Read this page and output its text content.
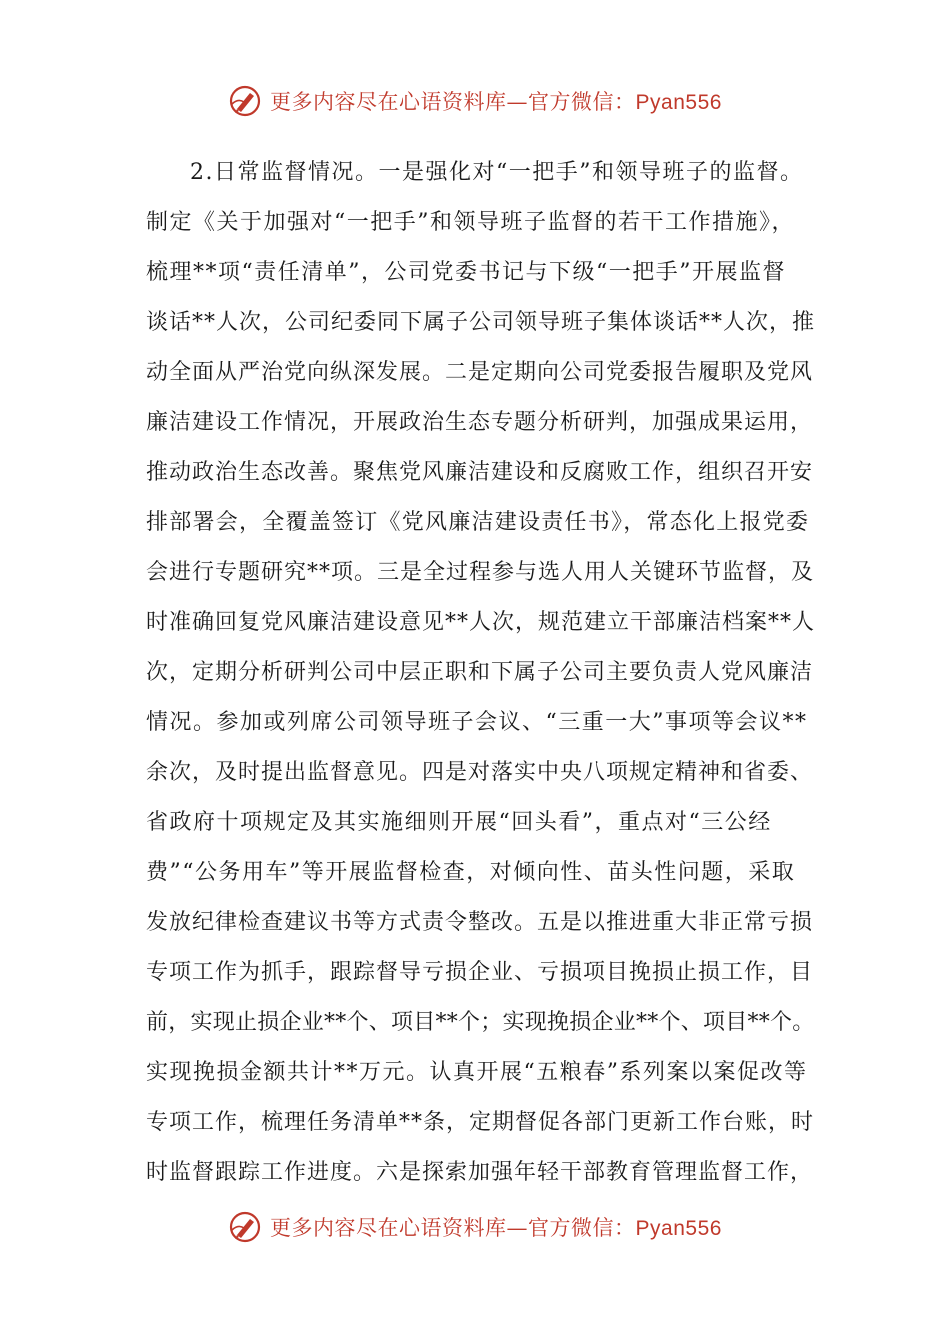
更多内容尽在心语资料库—官方微信：Pyan556
2.日常监督情况。一是强化对“一把手”和领导班子的监督。
制定《关于加强对“一把手”和领导班子监督的若干工作措施》，
梳理**项“责任清单”，公司党委书记与下级“一把手”开展监督
谈话**人次，公司纪委同下属子公司领导班子集体谈话**人次，推
动全面从严治党向纵深发展。二是定期向公司党委报告履职及党风
廉洁建设工作情况，开展政治生态专题分析研判，加强成果运用，
推动政治生态改善。聚焦党风廉洁建设和反腐败工作，组织召开安
排部署会，全覆盖签订《党风廉洁建设责任书》，常态化上报党委
会进行专题研究**项。三是全过程参与选人用人关键环节监督，及
时准确回复党风廉洁建设意见**人次，规范建立干部廉洁档案**人
次，定期分析研判公司中层正职和下属子公司主要负责人党风廉洁
情况。参加或列席公司领导班子会议、“三重一大”事项等会议**
余次，及时提出监督意见。四是对落实中央八项规定精神和省委、
省政府十项规定及其实施细则开展“回头看”，重点对“三公经
费”“公务用车”等开展监督检查，对倾向性、苗头性问题，采取
发放纪律检查建议书等方式责令整改。五是以推进重大非正常亏损
专项工作为抓手，跟踪督导亏损企业、亏损项目挽损止损工作，目
前，实现止损企业**个、项目**个；实现挽损企业**个、项目**个。
实现挽损金额共计**万元。认真开展“五粮春”系列案以案促改等
专项工作，梳理任务清单**条，定期督促各部门更新工作台账，时
时监督跟踪工作进度。六是探索加强年轻干部教育管理监督工作，
更多内容尽在心语资料库—官方微信：Pyan556
